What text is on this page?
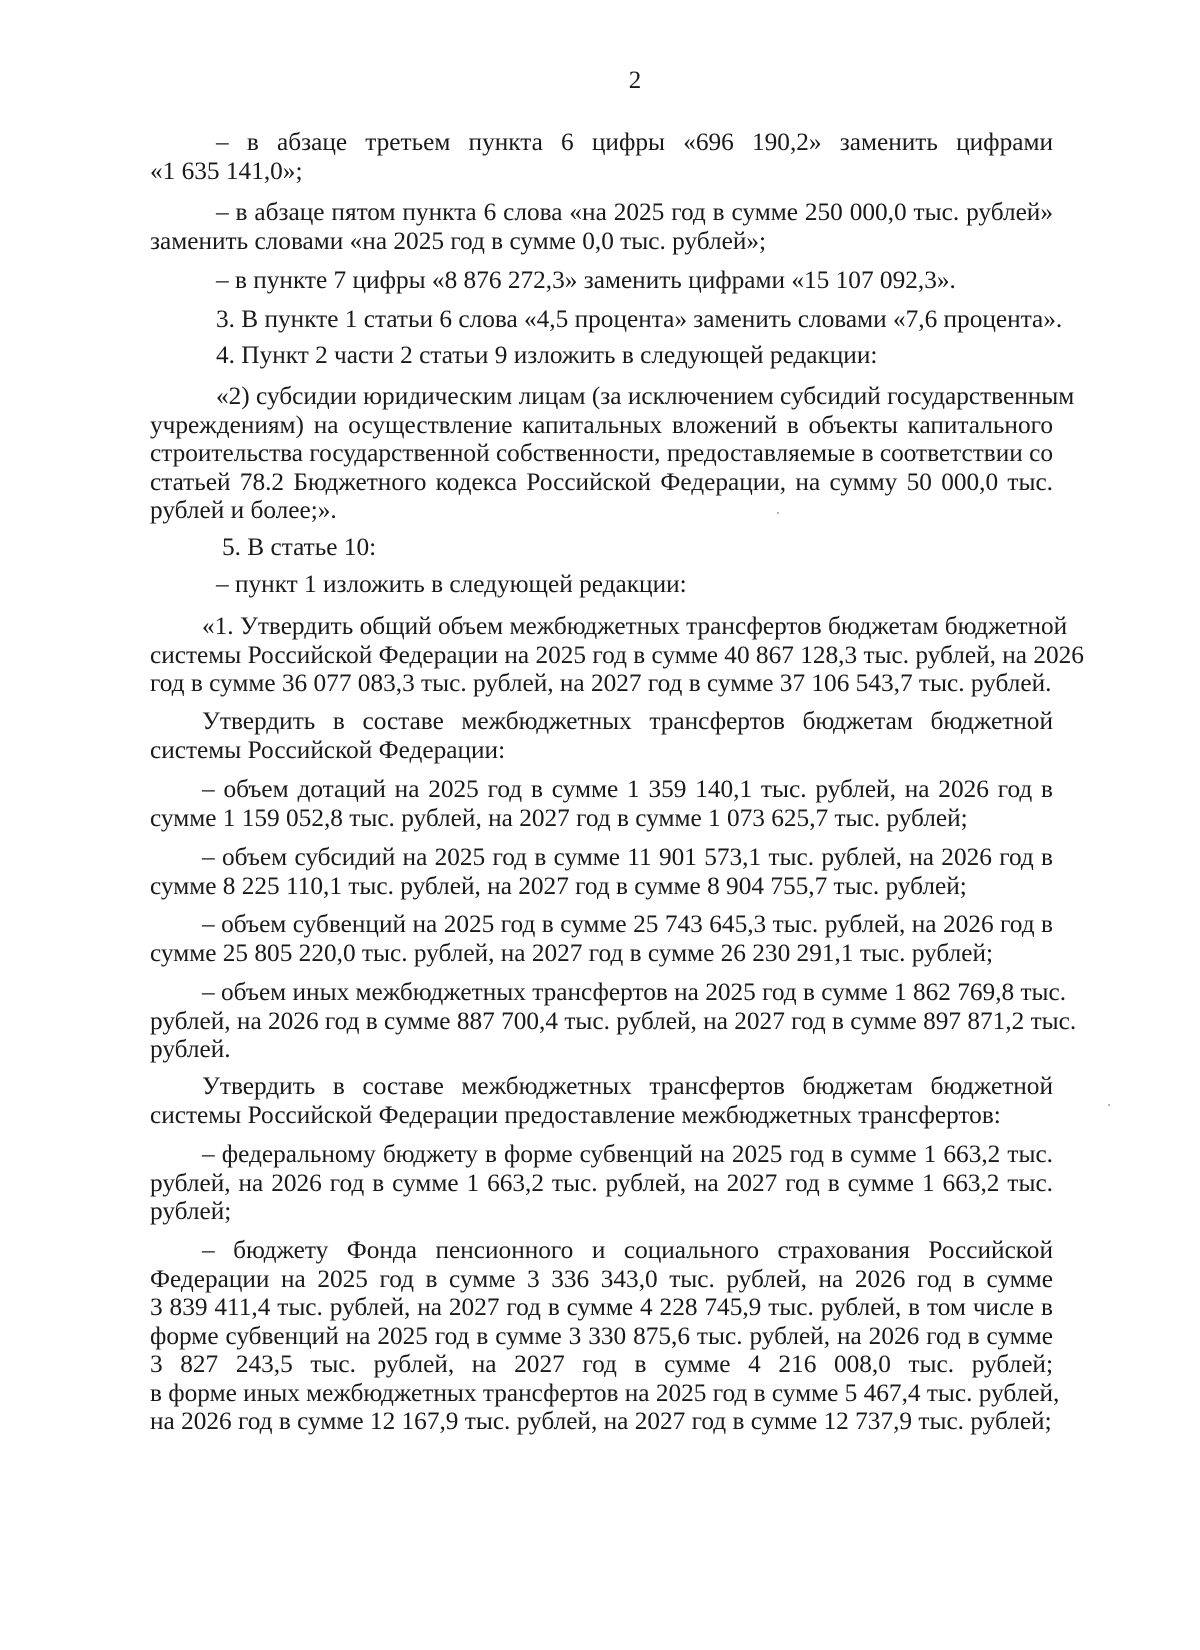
2

– в абзаце третьем пункта 6 цифры «696 190,2» заменить цифрами
«1 635 141,0»;
– в абзаце пятом пункта 6 слова «на 2025 год в сумме 250 000,0 тыс. рублей»
заменить словами «на 2025 год в сумме 0,0 тыс. рублей»;
– в пункте 7 цифры «8 876 272,3» заменить цифрами «15 107 092,3».
3. В пункте 1 статьи 6 слова «4,5 процента» заменить словами «7,6 процента».
4. Пункт 2 части 2 статьи 9 изложить в следующей редакции:
«2) субсидии юридическим лицам (за исключением субсидий государственным
учреждениям) на осуществление капитальных вложений в объекты капитального
строительства государственной собственности, предоставляемые в соответствии со
статьей 78.2 Бюджетного кодекса Российской Федерации, на сумму 50 000,0 тыс.
рублей и более;».
5. В статье 10:
– пункт 1 изложить в следующей редакции:
«1. Утвердить общий объем межбюджетных трансфертов бюджетам бюджетной
системы Российской Федерации на 2025 год в сумме 40 867 128,3 тыс. рублей, на 2026
год в сумме 36 077 083,3 тыс. рублей, на 2027 год в сумме 37 106 543,7 тыс. рублей.
Утвердить в составе межбюджетных трансфертов бюджетам бюджетной
системы Российской Федерации:
– объем дотаций на 2025 год в сумме 1 359 140,1 тыс. рублей, на 2026 год в
сумме 1 159 052,8 тыс. рублей, на 2027 год в сумме 1 073 625,7 тыс. рублей;
– объем субсидий на 2025 год в сумме 11 901 573,1 тыс. рублей, на 2026 год в
сумме 8 225 110,1 тыс. рублей, на 2027 год в сумме 8 904 755,7 тыс. рублей;
– объем субвенций на 2025 год в сумме 25 743 645,3 тыс. рублей, на 2026 год в
сумме 25 805 220,0 тыс. рублей, на 2027 год в сумме 26 230 291,1 тыс. рублей;
– объем иных межбюджетных трансфертов на 2025 год в сумме 1 862 769,8 тыс.
рублей, на 2026 год в сумме 887 700,4 тыс. рублей, на 2027 год в сумме 897 871,2 тыс.
рублей.
Утвердить в составе межбюджетных трансфертов бюджетам бюджетной
системы Российской Федерации предоставление межбюджетных трансфертов:
– федеральному бюджету в форме субвенций на 2025 год в сумме 1 663,2 тыс.
рублей, на 2026 год в сумме 1 663,2 тыс. рублей, на 2027 год в сумме 1 663,2 тыс.
рублей;
– бюджету Фонда пенсионного и социального страхования Российской
Федерации на 2025 год в сумме 3 336 343,0 тыс. рублей, на 2026 год в сумме
3 839 411,4 тыс. рублей, на 2027 год в сумме 4 228 745,9 тыс. рублей, в том числе в
форме субвенций на 2025 год в сумме 3 330 875,6 тыс. рублей, на 2026 год в сумме
3 827 243,5 тыс. рублей, на 2027 год в сумме 4 216 008,0 тыс. рублей;
в форме иных межбюджетных трансфертов на 2025 год в сумме 5 467,4 тыс. рублей,
на 2026 год в сумме 12 167,9 тыс. рублей, на 2027 год в сумме 12 737,9 тыс. рублей;
